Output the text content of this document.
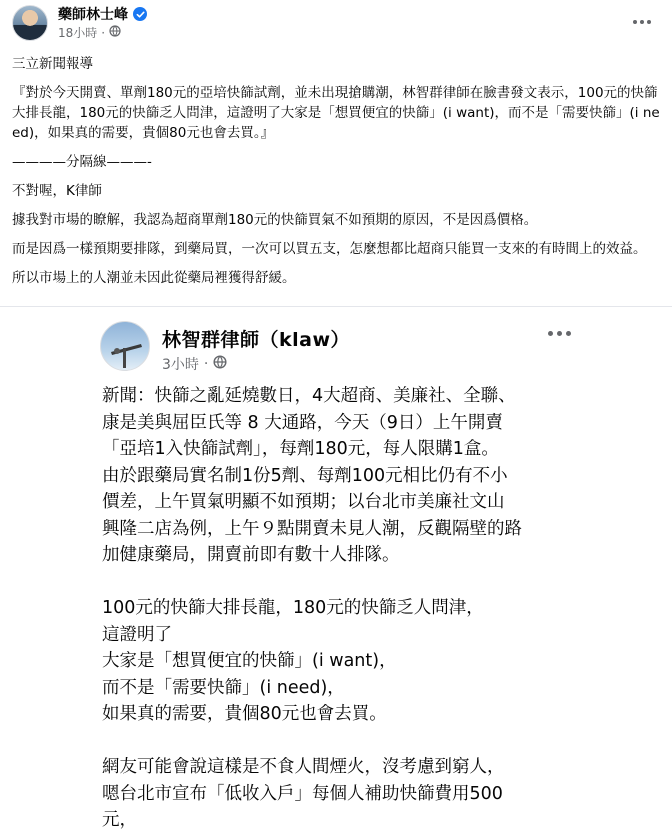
藥師林士峰
18小時 ·

三立新聞報導

『對於今天開賣、單劑180元的亞培快篩試劑，並未出現搶購潮，林智群律師在臉書發文表示，100元的快篩大排長龍，180元的快篩乏人問津，這證明了大家是「想買便宜的快篩」(i want)，而不是「需要快篩」(i need)，如果真的需要，貴個80元也會去買。』

————分隔線———-

不對喔，K律師

據我對市場的瞭解，我認為超商單劑180元的快篩買氣不如預期的原因，不是因爲價格。

而是因爲一樣預期要排隊，到藥局買，一次可以買五支，怎麼想都比超商只能買一支來的有時間上的效益。

所以市場上的人潮並未因此從藥局裡獲得舒緩。

林智群律師（klaw）
3小時 ·

新聞：快篩之亂延燒數日，4大超商、美廉社、全聯、

康是美與屈臣氏等 8 大通路，今天（9日）上午開賣

「亞培1入快篩試劑」，每劑180元，每人限購1盒。

由於跟藥局實名制1份5劑、每劑100元相比仍有不小

價差，上午買氣明顯不如預期；以台北市美廉社文山

興隆二店為例，上午９點開賣未見人潮，反觀隔壁的路

加健康藥局，開賣前即有數十人排隊。

100元的快篩大排長龍，180元的快篩乏人問津，

這證明了

大家是「想買便宜的快篩」(i want)，

而不是「需要快篩」(i need)，

如果真的需要，貴個80元也會去買。

網友可能會說這樣是不食人間煙火，沒考慮到窮人，

嗯台北市宣布「低收入戶」每個人補助快篩費用500

元，
